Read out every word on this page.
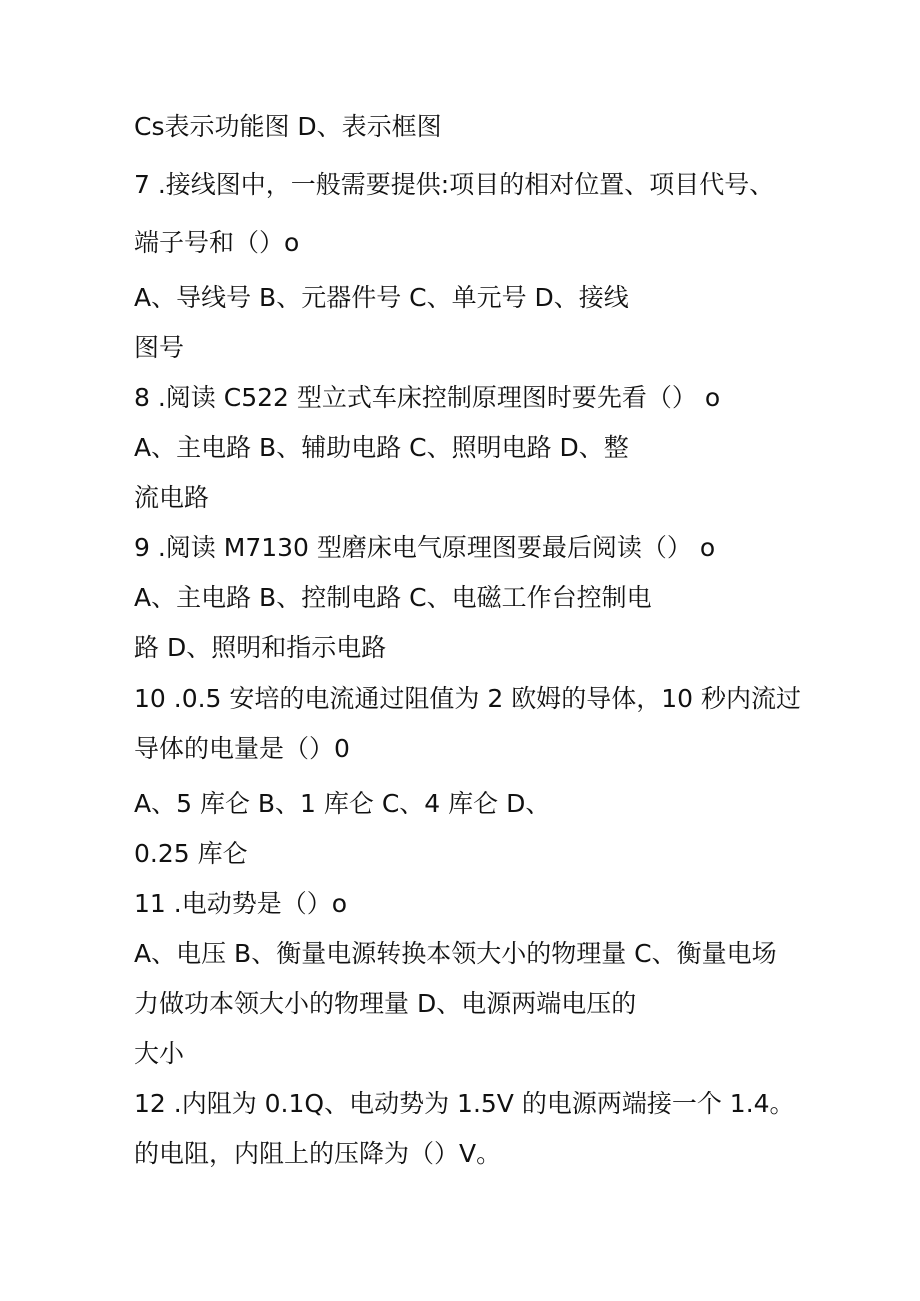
Cs表示功能图 D、表示框图
7 .接线图中，一般需要提供:项目的相对位置、项目代号、
端子号和（）o
A、导线号 B、元器件号 C、单元号 D、接线
图号
8 .阅读 C522 型立式车床控制原理图时要先看（） o
A、主电路 B、辅助电路 C、照明电路 D、整
流电路
9 .阅读 M7130 型磨床电气原理图要最后阅读（） o
A、主电路 B、控制电路 C、电磁工作台控制电
路 D、照明和指示电路
10 .0.5 安培的电流通过阻值为 2 欧姆的导体，10 秒内流过
导体的电量是（）0
A、5 库仑 B、1 库仑 C、4 库仑 D、
0.25 库仑
11 .电动势是（）o
A、电压 B、衡量电源转换本领大小的物理量 C、衡量电场
力做功本领大小的物理量 D、电源两端电压的
大小
12 .内阻为 0.1Q、电动势为 1.5V 的电源两端接一个 1.4。
的电阻，内阻上的压降为（）V。
